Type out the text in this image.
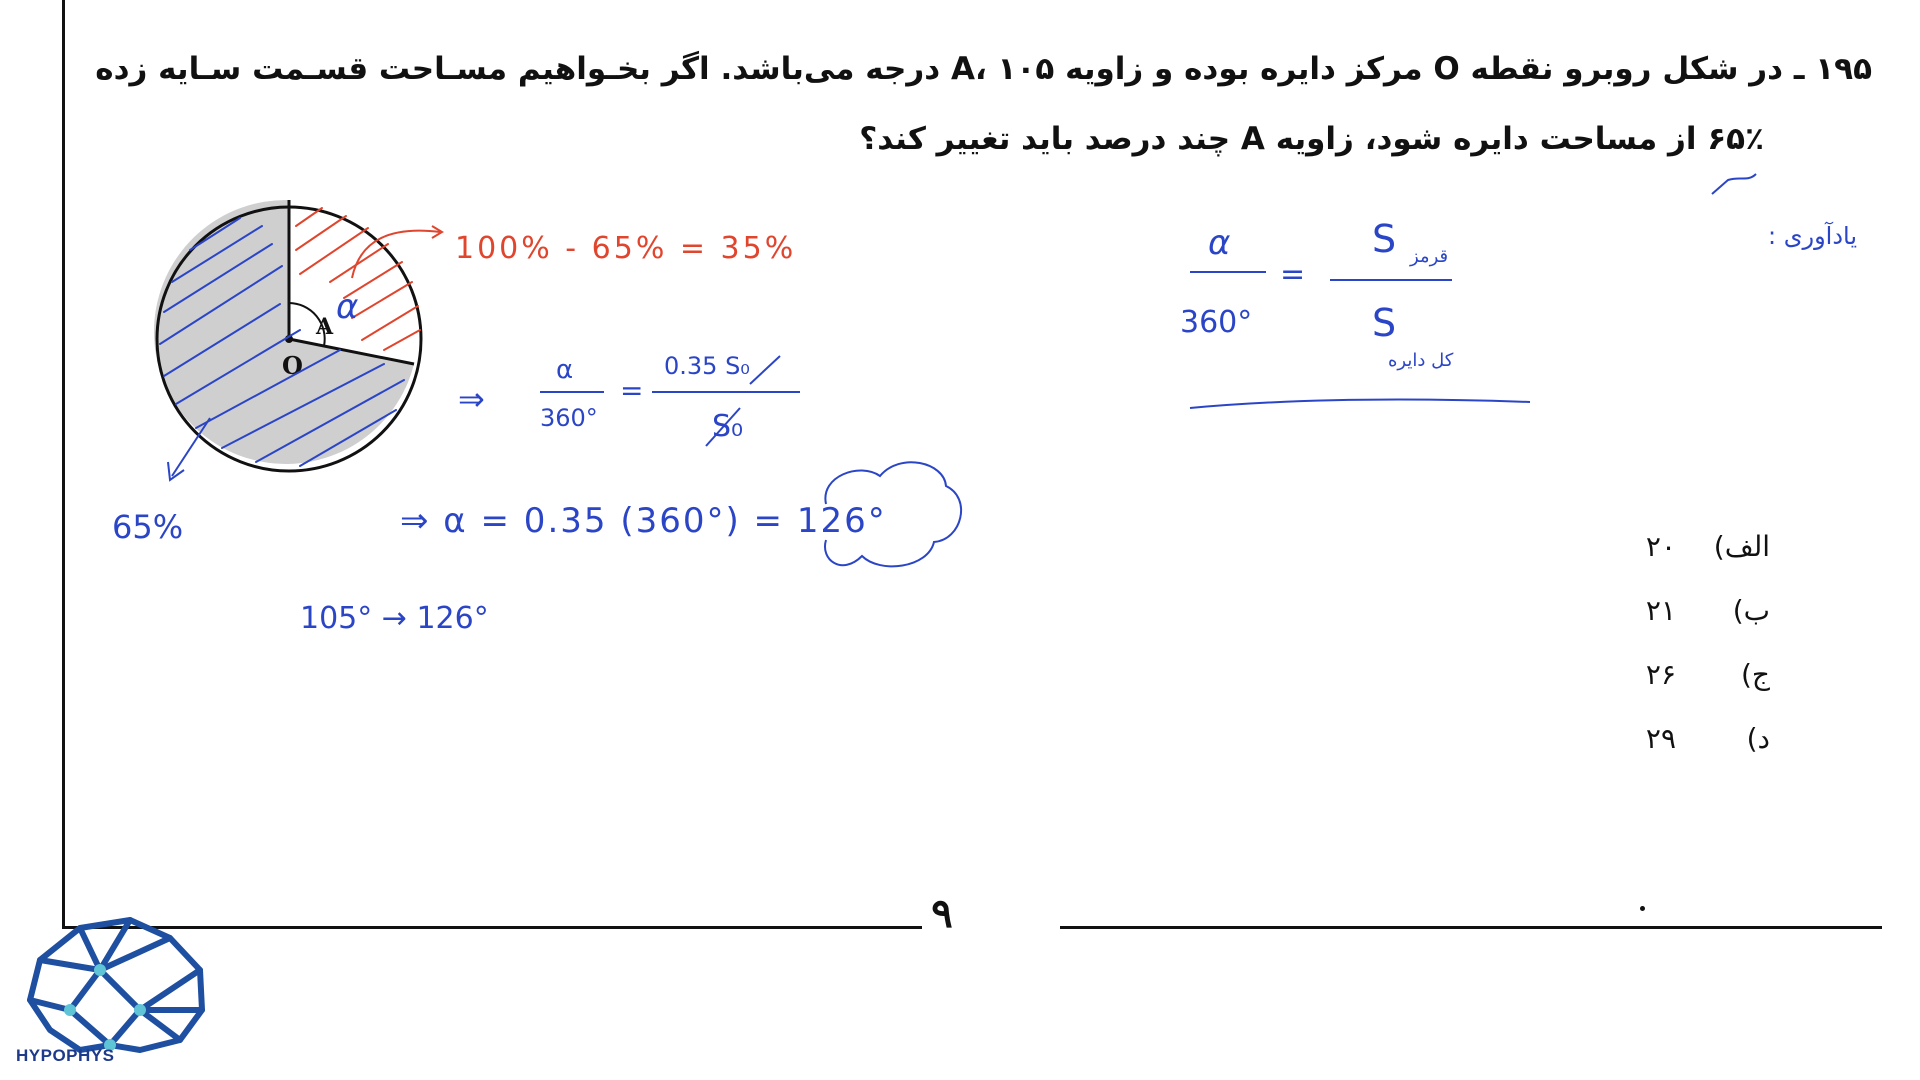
۹
۱۹۵ ـ در شکل روبرو نقطه O مرکز دایره بوده و زاویه A، ۱۰۵ درجه می‌باشد. اگر بخـواهیم مسـاحت قسـمت سـایه زده
۶۵٪ از مساحت دایره شود، زاویه A چند درصد باید تغییر کند؟
الف)
۲۰
ب)
۲۱
ج)
۲۶
د)
۲۹
A
O
100% - 65% = 35%
α
65%
⇒
α
360°
=
0.35 S₀
S₀
⇒ α = 0.35 (360°) = 126°
105° → 126°
یادآوری :
α
360°
=
S قرمز
S
کل دایره
HYPOPHYS
